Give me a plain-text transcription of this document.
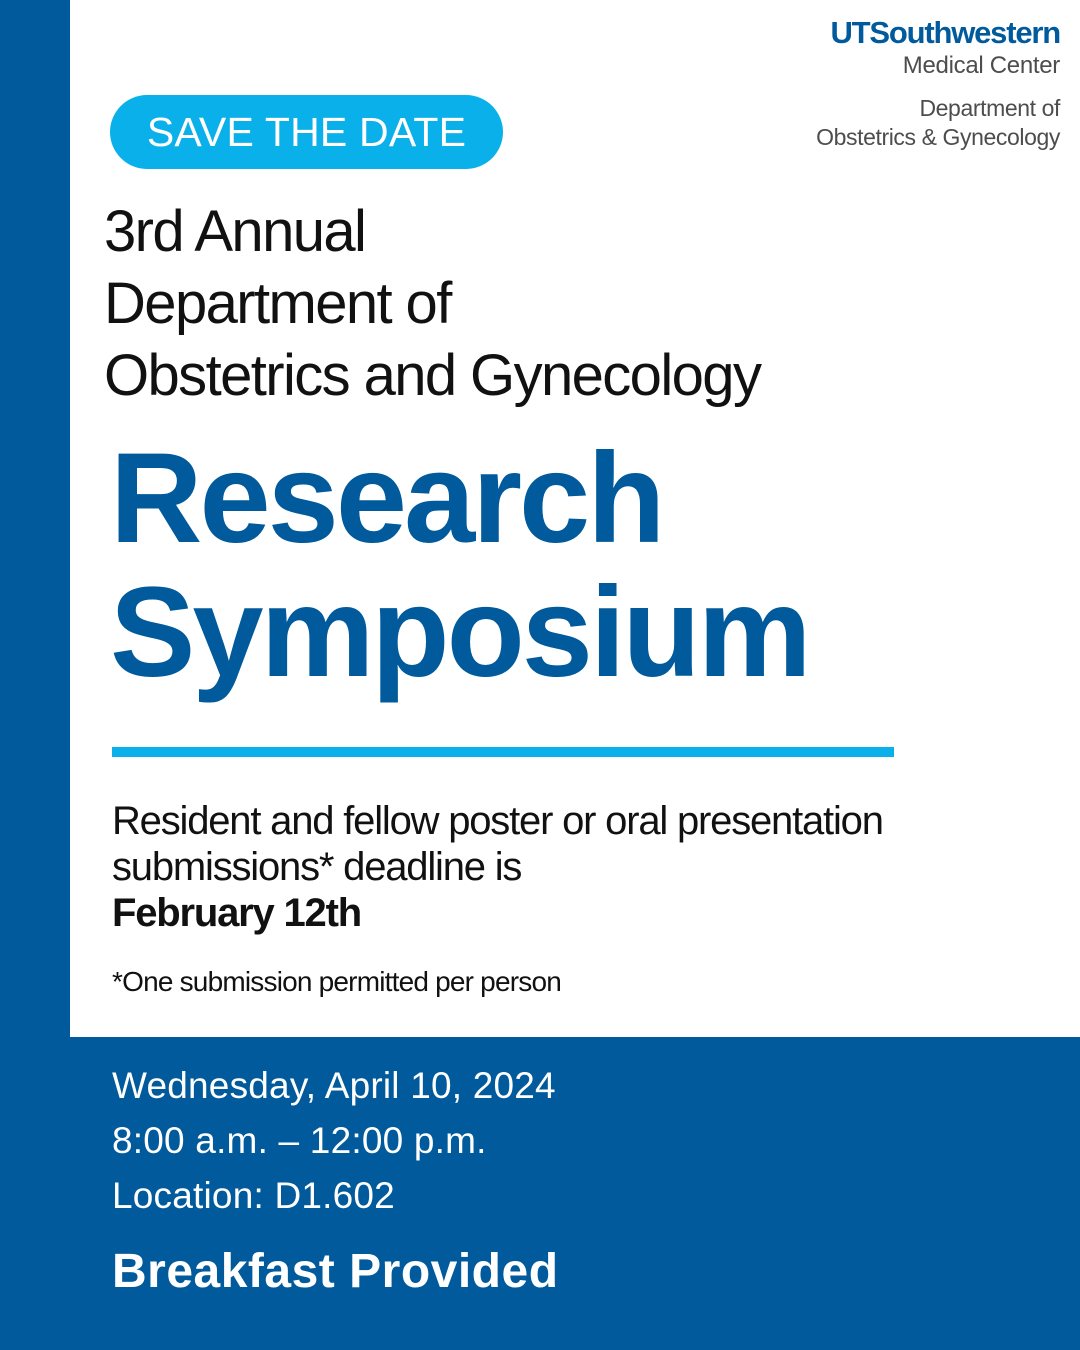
UTSouthwestern
Medical Center
Department of
Obstetrics & Gynecology
SAVE THE DATE
3rd Annual
Department of
Obstetrics and Gynecology
Research
Symposium
Resident and fellow poster or oral presentation submissions* deadline is
February 12th
*One submission permitted per person
Wednesday, April 10, 2024
8:00 a.m. – 12:00 p.m.
Location: D1.602
Breakfast Provided
